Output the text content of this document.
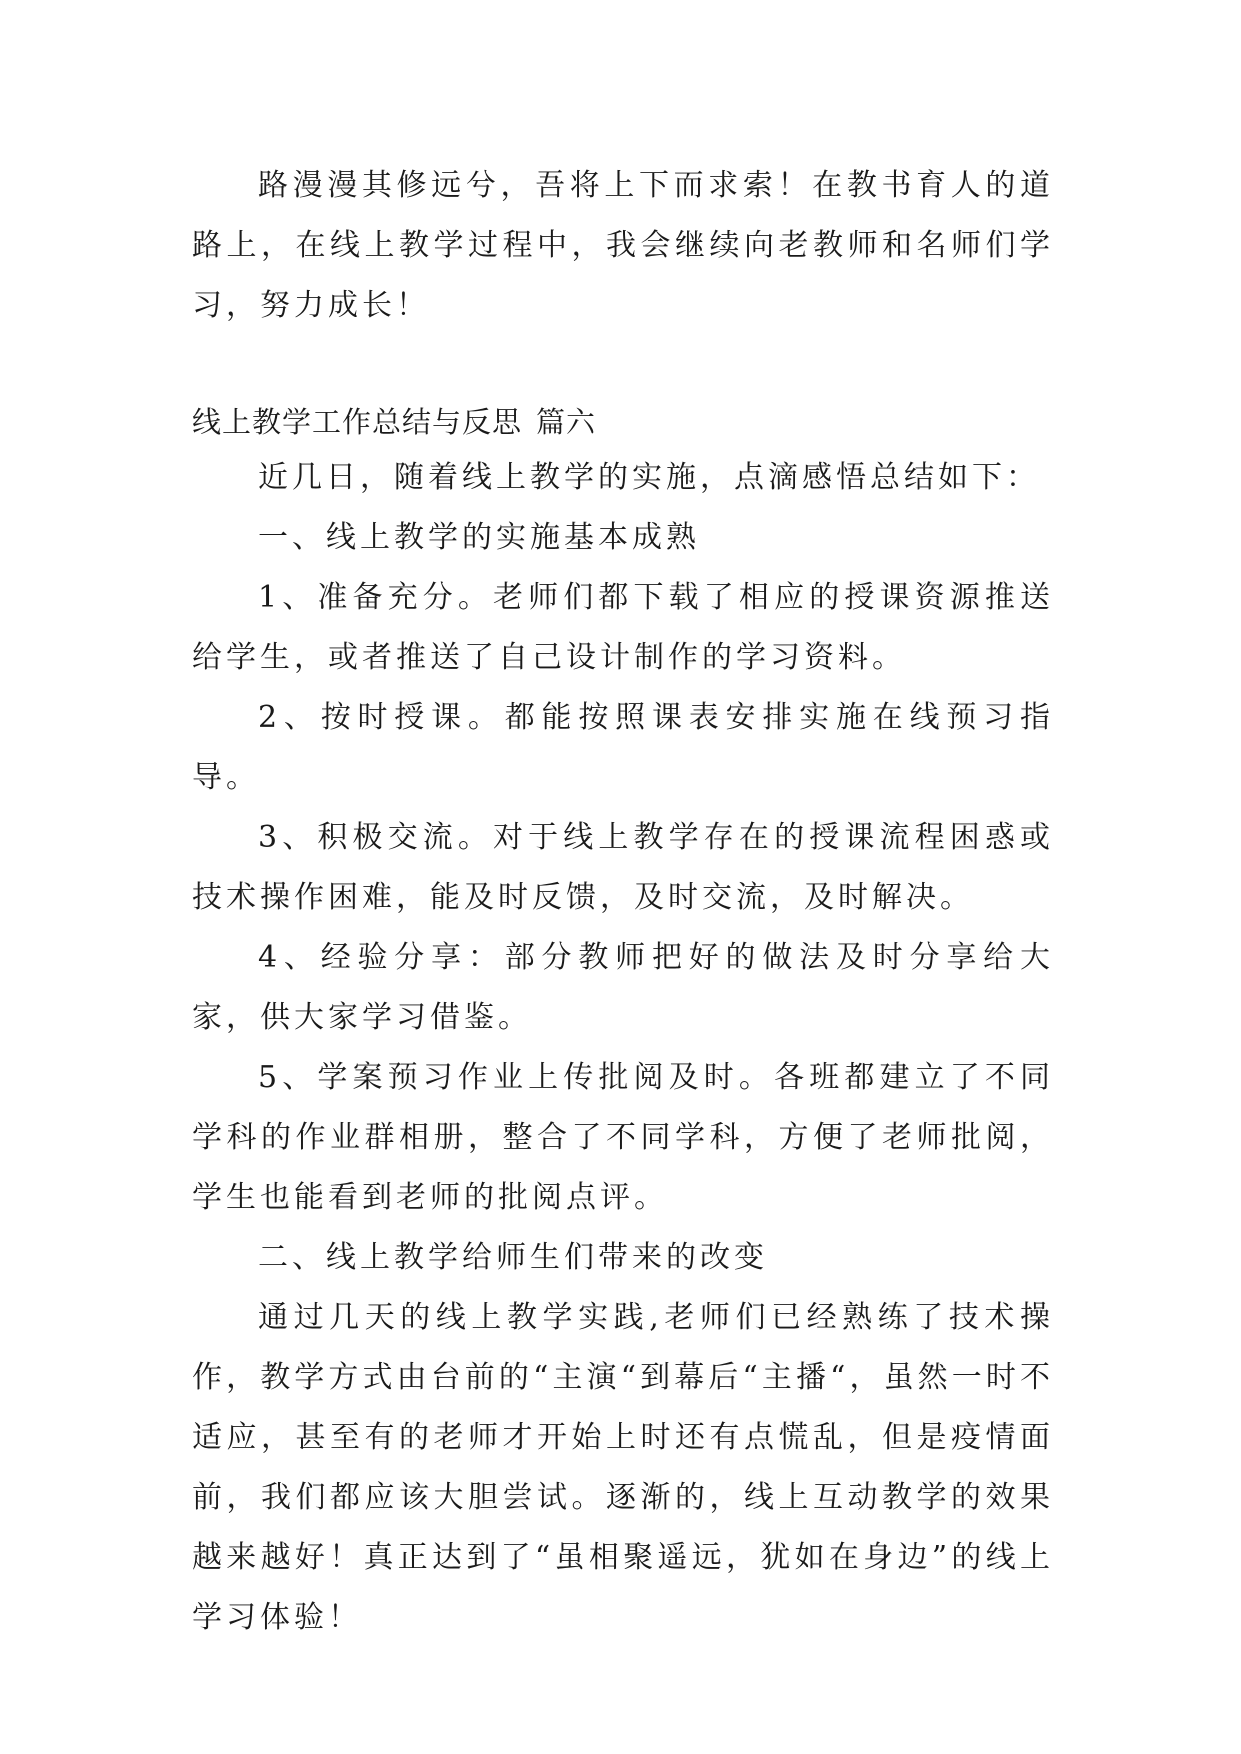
路漫漫其修远兮，吾将上下而求索！在教书育人的道路上，在线上教学过程中，我会继续向老教师和名师们学习，努力成长！

线上教学工作总结与反思 篇六

近几日，随着线上教学的实施，点滴感悟总结如下：

一、线上教学的实施基本成熟

1、准备充分。老师们都下载了相应的授课资源推送给学生，或者推送了自己设计制作的学习资料。

2、按时授课。都能按照课表安排实施在线预习指导。

3、积极交流。对于线上教学存在的授课流程困惑或技术操作困难，能及时反馈，及时交流，及时解决。

4、经验分享：部分教师把好的做法及时分享给大家，供大家学习借鉴。

5、学案预习作业上传批阅及时。各班都建立了不同学科的作业群相册，整合了不同学科，方便了老师批阅，学生也能看到老师的批阅点评。

二、线上教学给师生们带来的改变

通过几天的线上教学实践,老师们已经熟练了技术操作，教学方式由台前的“主演“到幕后“主播“，虽然一时不适应，甚至有的老师才开始上时还有点慌乱，但是疫情面前，我们都应该大胆尝试。逐渐的，线上互动教学的效果越来越好！真正达到了“虽相聚遥远，犹如在身边”的线上学习体验！
